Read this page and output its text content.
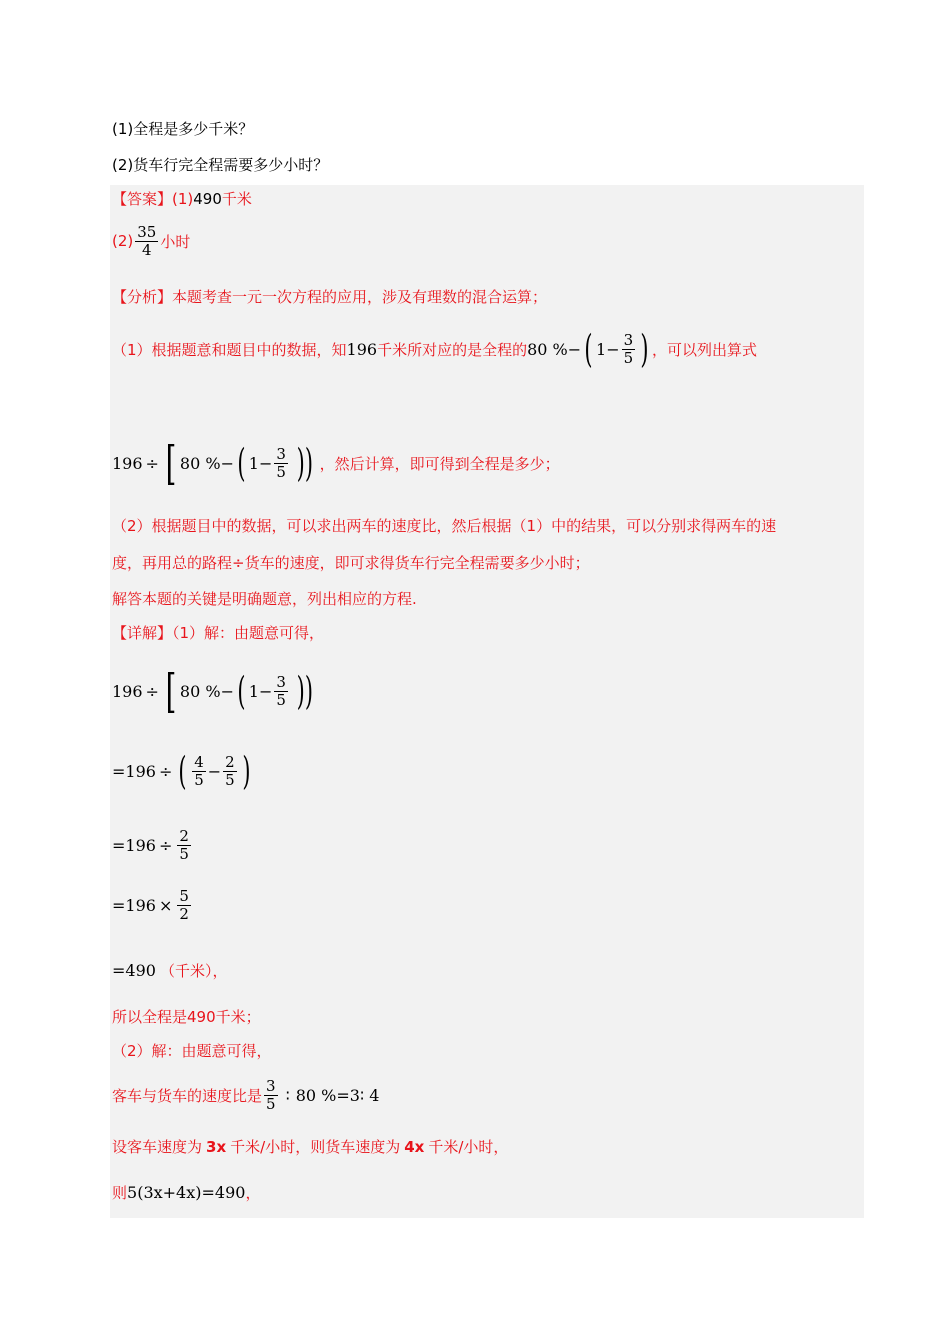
(1)全程是多少千米？
(2)货车行完全程需要多少小时？
【答案】(1)490千米
$(2) \frac{35}{4}$ 小时
【分析】本题考查一元一次方程的应用，涉及有理数的混合运算；
（1）根据题意和题目中的数据，知 196 千米所对应的是全程的 80 % − ( $1 - \frac{3}{5}$ ) ，可以列出算式
196 ÷ [ 80 % − ( $1 - \frac{3}{5}$ )) ，然后计算，即可得到全程是多少；
（2）根据题目中的数据，可以求出两车的速度比，然后根据（1）中的结果，可以分别求得两车的速
度，再用总的路程÷货车的速度，即可求得货车行完全程需要多少小时；
解答本题的关键是明确题意，列出相应的方程.
【详解】（1）解：由题意可得，
196 ÷ [ 80 % − ( $1 - \frac{3}{5}$ ))
= 196 ÷ ( $\frac{4}{5} - \frac{2}{5}$ )
= $196 \div \frac{2}{5}$
= $196 \times \frac{5}{2}$
= 490 （千米），
所以全程是490千米；
（2）解：由题意可得，
客车与货车的速度比是 $\frac{3}{5}$ ∶ 80 % =3∶ 4
设客车速度为 3x 千米/小时，则货车速度为 4x 千米/小时，
则5(3x+4x)=490，
